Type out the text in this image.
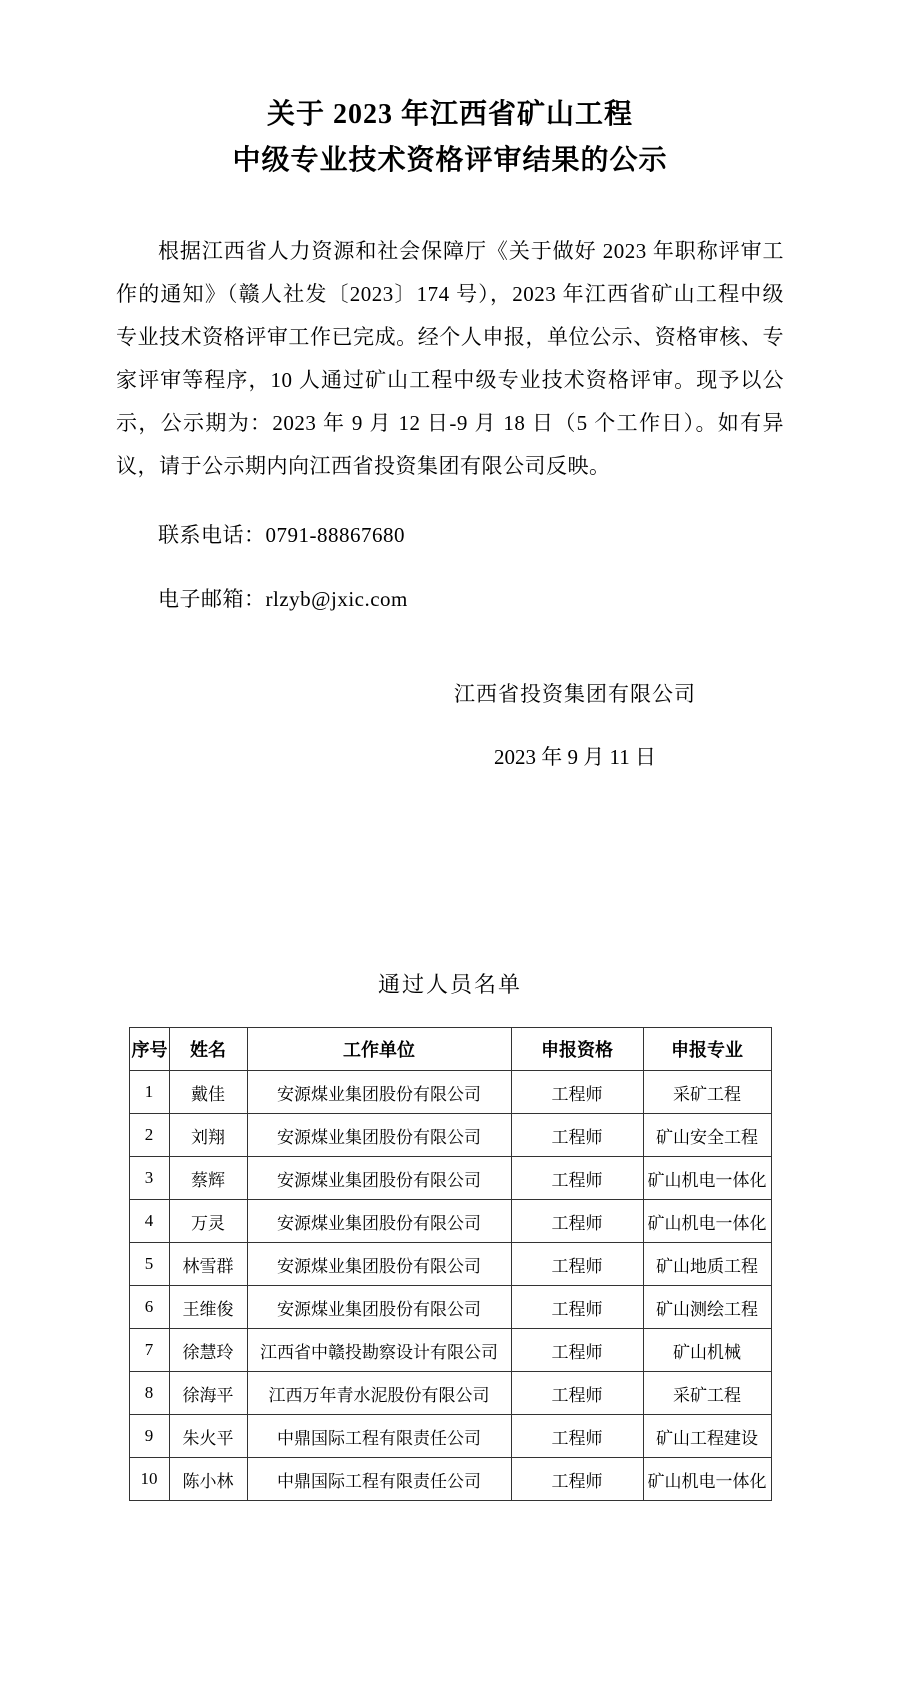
关于 2023 年江西省矿山工程
中级专业技术资格评审结果的公示

根据江西省人力资源和社会保障厅《关于做好 2023 年职称评审工作的通知》（赣人社发〔2023〕174 号），2023 年江西省矿山工程中级专业技术资格评审工作已完成。经个人申报，单位公示、资格审核、专家评审等程序，10 人通过矿山工程中级专业技术资格评审。现予以公示，公示期为：2023 年 9 月 12 日-9 月 18 日（5 个工作日）。如有异议，请于公示期内向江西省投资集团有限公司反映。

联系电话：0791-88867680

电子邮箱：rlzyb@jxic.com

江西省投资集团有限公司
2023 年 9 月 11 日
通过人员名单
序号	姓名	工作单位	申报资格	申报专业
1	戴佳	安源煤业集团股份有限公司	工程师	采矿工程
2	刘翔	安源煤业集团股份有限公司	工程师	矿山安全工程
3	蔡辉	安源煤业集团股份有限公司	工程师	矿山机电一体化
4	万灵	安源煤业集团股份有限公司	工程师	矿山机电一体化
5	林雪群	安源煤业集团股份有限公司	工程师	矿山地质工程
6	王维俊	安源煤业集团股份有限公司	工程师	矿山测绘工程
7	徐慧玲	江西省中赣投勘察设计有限公司	工程师	矿山机械
8	徐海平	江西万年青水泥股份有限公司	工程师	采矿工程
9	朱火平	中鼎国际工程有限责任公司	工程师	矿山工程建设
10	陈小林	中鼎国际工程有限责任公司	工程师	矿山机电一体化
